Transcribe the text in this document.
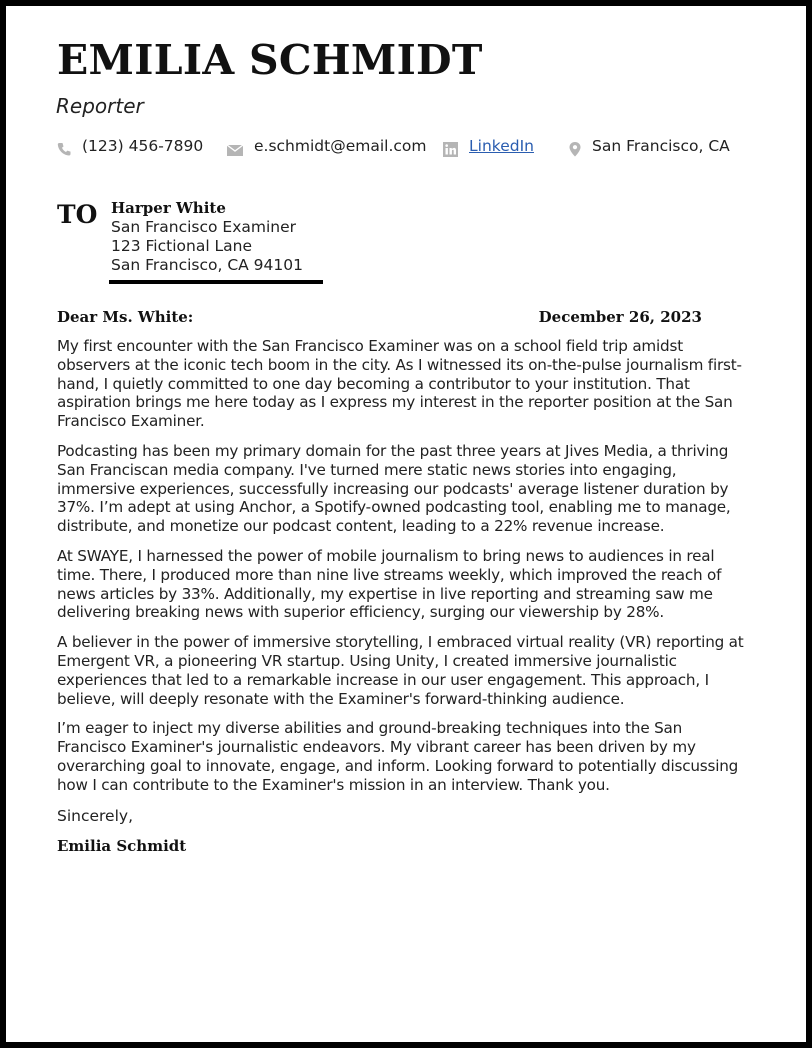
EMILIA SCHMIDT
Reporter
(123) 456-7890	e.schmidt@email.com	LinkedIn	San Francisco, CA
TO Harper White
San Francisco Examiner
123 Fictional Lane
San Francisco, CA 94101
Dear Ms. White:	December 26, 2023

My first encounter with the San Francisco Examiner was on a school field trip amidst observers at the iconic tech boom in the city. As I witnessed its on-the-pulse journalism first-hand, I quietly committed to one day becoming a contributor to your institution. That aspiration brings me here today as I express my interest in the reporter position at the San Francisco Examiner.

Podcasting has been my primary domain for the past three years at Jives Media, a thriving San Franciscan media company. I've turned mere static news stories into engaging, immersive experiences, successfully increasing our podcasts' average listener duration by 37%. I’m adept at using Anchor, a Spotify-owned podcasting tool, enabling me to manage, distribute, and monetize our podcast content, leading to a 22% revenue increase.

At SWAYE, I harnessed the power of mobile journalism to bring news to audiences in real time. There, I produced more than nine live streams weekly, which improved the reach of news articles by 33%. Additionally, my expertise in live reporting and streaming saw me delivering breaking news with superior efficiency, surging our viewership by 28%.

A believer in the power of immersive storytelling, I embraced virtual reality (VR) reporting at Emergent VR, a pioneering VR startup. Using Unity, I created immersive journalistic experiences that led to a remarkable increase in our user engagement. This approach, I believe, will deeply resonate with the Examiner's forward-thinking audience.

I’m eager to inject my diverse abilities and ground-breaking techniques into the San Francisco Examiner's journalistic endeavors. My vibrant career has been driven by my overarching goal to innovate, engage, and inform. Looking forward to potentially discussing how I can contribute to the Examiner's mission in an interview. Thank you.

Sincerely,
Emilia Schmidt
